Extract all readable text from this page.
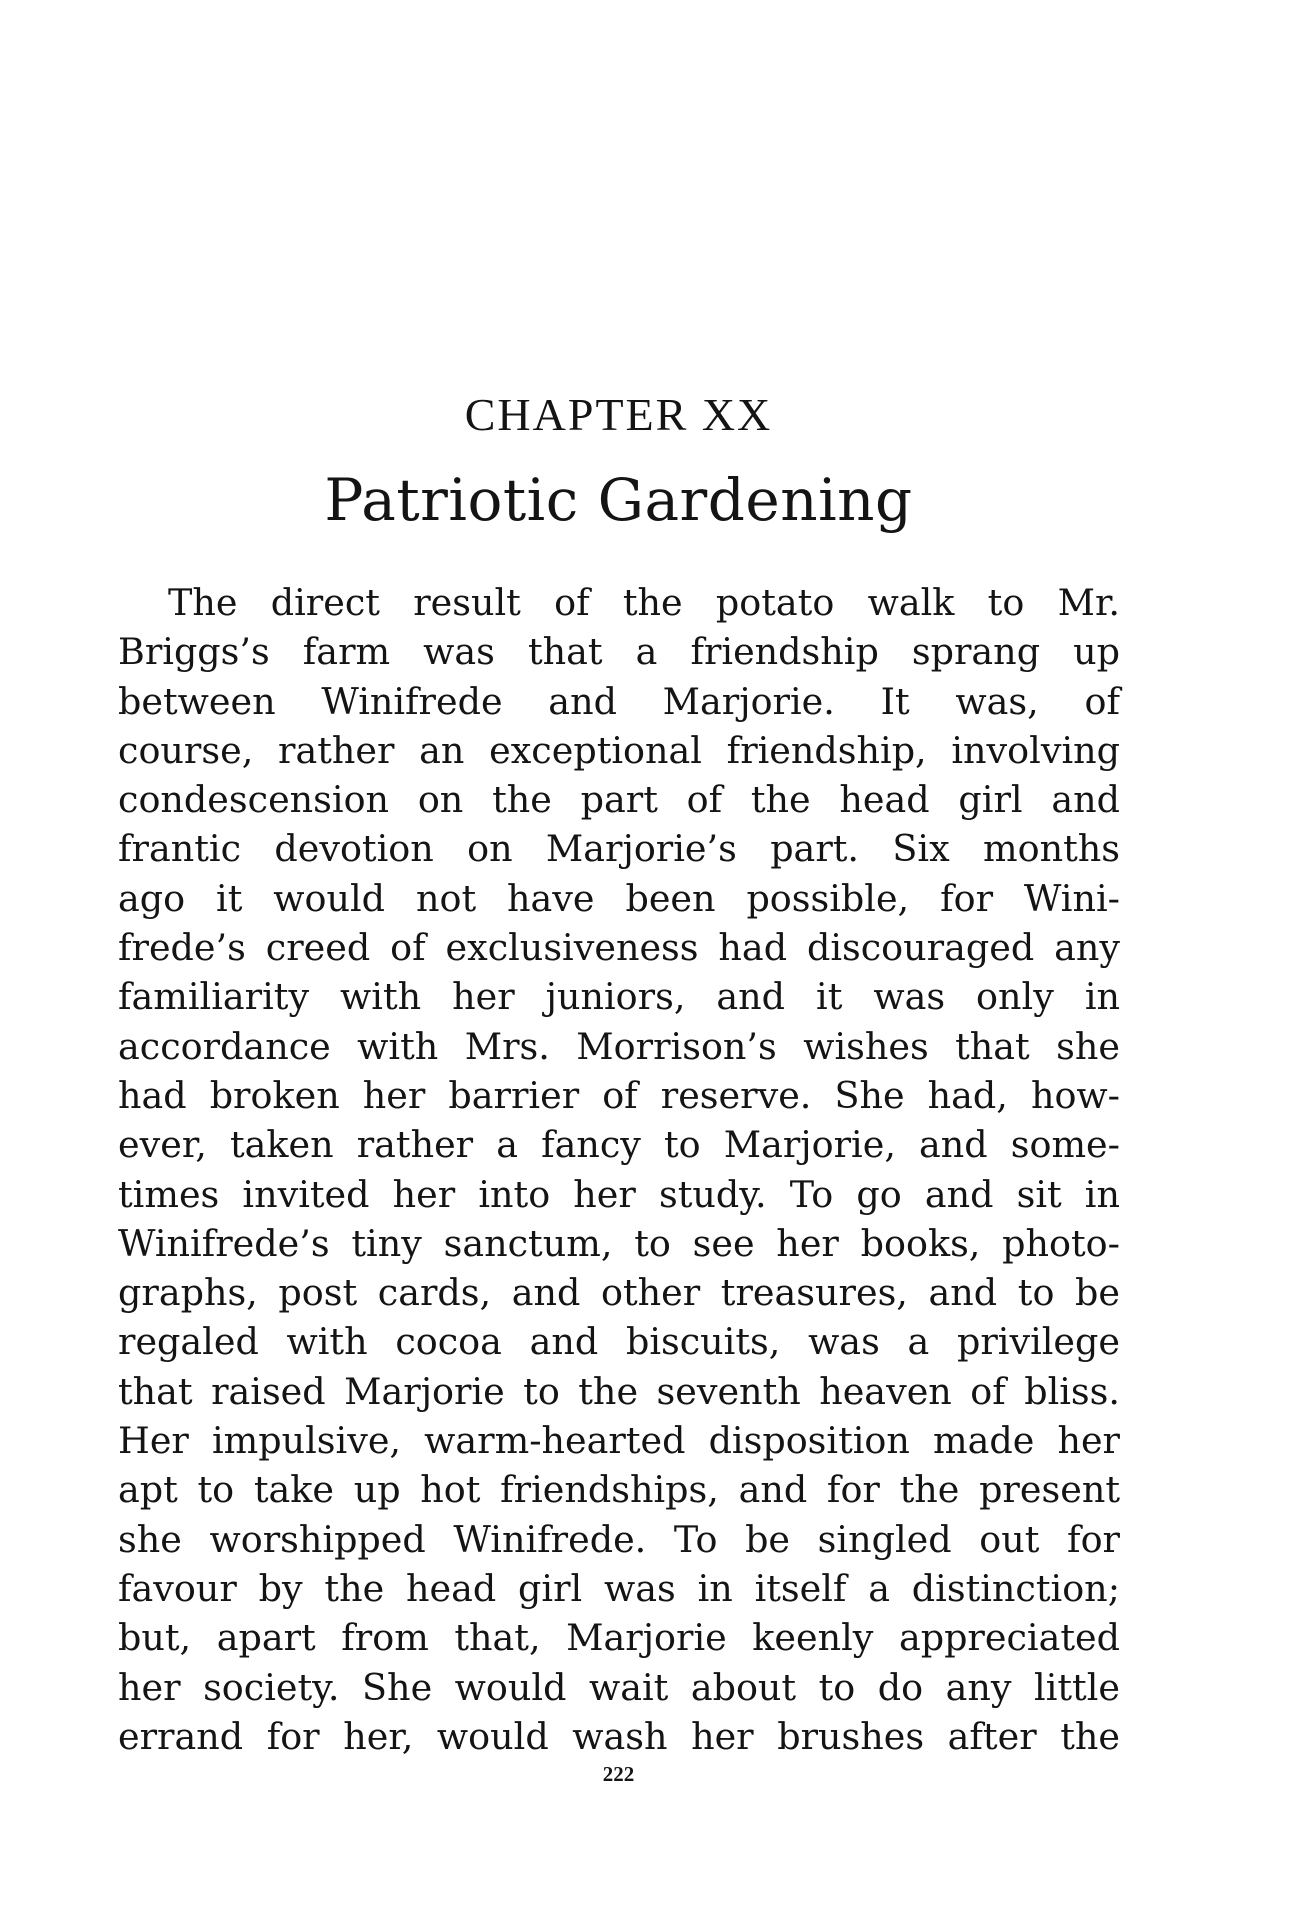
CHAPTER XX
Patriotic Gardening
The direct result of the potato walk to Mr.
Briggs’s farm was that a friendship sprang up
between Winifrede and Marjorie. It was, of
course, rather an exceptional friendship, involving
condescension on the part of the head girl and
frantic devotion on Marjorie’s part. Six months
ago it would not have been possible, for Wini-
frede’s creed of exclusiveness had discouraged any
familiarity with her juniors, and it was only in
accordance with Mrs. Morrison’s wishes that she
had broken her barrier of reserve. She had, how-
ever, taken rather a fancy to Marjorie, and some-
times invited her into her study. To go and sit in
Winifrede’s tiny sanctum, to see her books, photo-
graphs, post cards, and other treasures, and to be
regaled with cocoa and biscuits, was a privilege
that raised Marjorie to the seventh heaven of bliss.
Her impulsive, warm-hearted disposition made her
apt to take up hot friendships, and for the present
she worshipped Winifrede. To be singled out for
favour by the head girl was in itself a distinction;
but, apart from that, Marjorie keenly appreciated
her society. She would wait about to do any little
errand for her, would wash her brushes after the
222
